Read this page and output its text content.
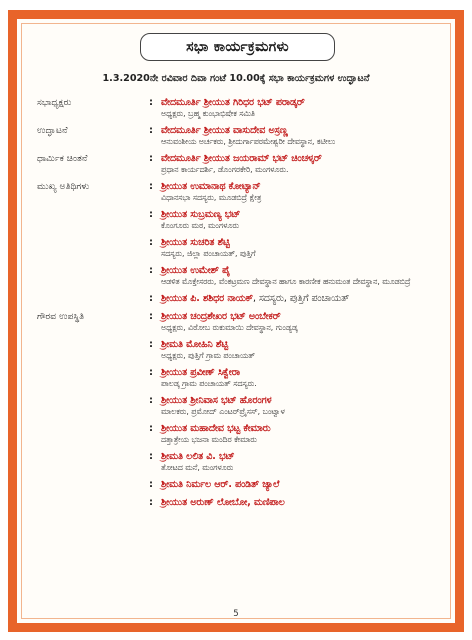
ಸಭಾ ಕಾರ್ಯಕ್ರಮಗಳು
1.3.2020ನೇ ರವಿವಾರ ದಿವಾ ಗಂಟೆ 10.00ಕ್ಕೆ ಸಭಾ ಕಾರ್ಯಕ್ರಮಗಳ ಉದ್ಘಾಟನೆ
ಸಭಾಧ್ಯಕ್ಷರು	: ವೇದಮೂರ್ತಿ ಶ್ರೀಯುತ ಗಿರಿಧರ ಭಟ್ ಪರಾಡ್ಕರ್
ಅಧ್ಯಕ್ಷರು, ಬ್ರಹ್ಮ ಕುಂಭಾಭಿಷೇಕ ಸಮಿತಿ
ಉದ್ಘಾಟನೆ	: ವೇದಮೂರ್ತಿ ಶ್ರೀಯುತ ವಾಸುದೇವ ಅಸ್ರಣ್ಣ
ಆನುವಂಶೀಯ ಅರ್ಚಕರು, ಶ್ರೀದುರ್ಗಾಪರಮೇಶ್ವರೀ ದೇವಸ್ಥಾನ, ಕಟೀಲು
ಧಾರ್ಮಿಕ ಚಿಂತನೆ	: ವೇದಮೂರ್ತಿ ಶ್ರೀಯುತ ಜಯರಾಮ್ ಭಟ್ ಚಿಂಚಳ್ಕರ್
ಪ್ರಧಾನ ಕಾರ್ಯದರ್ಶಿ, ಡೊಂಗರಕೇರಿ, ಮಂಗಳೂರು.
ಮುಖ್ಯ ಅತಿಥಿಗಳು	: ಶ್ರೀಯುತ ಉಮಾನಾಥ ಕೋಟ್ಯಾನ್
ವಿಧಾನಸಭಾ ಸದಸ್ಯರು, ಮೂಡಬಿದ್ರೆ ಕ್ಷೇತ್ರ
: ಶ್ರೀಯುತ ಸುಬ್ರಮಣ್ಯ ಭಟ್
ಕೊಂಗೂರು ಮಠ, ಮಂಗಳೂರು
: ಶ್ರೀಯುತ ಸುಚರಿತ ಶೆಟ್ಟಿ
ಸದಸ್ಯರು, ಜಿಲ್ಲಾ ಪಂಚಾಯತ್, ಪುತ್ತಿಗೆ
: ಶ್ರೀಯುತ ಉಮೇಶ್ ಪೈ
ಆಡಳಿತ ಮೊಕ್ತೇಸರರು, ವೆಂಕಟ್ರಮಣ ದೇವಸ್ಥಾನ ಹಾಗೂ ಕಾರಣೀಕ ಹನುಮಂತ ದೇವಸ್ಥಾನ, ಮೂಡಬಿದ್ರೆ
: ಶ್ರೀಯುತ ಪಿ. ಶಶಿಧರ ನಾಯಕ್, ಸದಸ್ಯರು, ಪುತ್ತಿಗೆ ಪಂಚಾಯತ್
ಗೌರವ ಉಪಸ್ಥಿತಿ	: ಶ್ರೀಯುತ ಚಂದ್ರಶೇಖರ ಭಟ್ ಅಂಬೇಕರ್
ಅಧ್ಯಕ್ಷರು, ವಿಠೋಬ ರುಕುಮಾಯಿ ದೇವಸ್ಥಾನ, ಗುಂಡ್ಯಡ್ಕ
: ಶ್ರೀಮತಿ ಮೋಹಿನಿ ಶೆಟ್ಟಿ
ಅಧ್ಯಕ್ಷರು, ಪುತ್ತಿಗೆ ಗ್ರಾಮ ಪಂಚಾಯತ್
: ಶ್ರೀಯುತ ಪ್ರವೀಣ್ ಸಿಕ್ವೇರಾ
ಪಾಲಡ್ಕ ಗ್ರಾಮ ಪಂಚಾಯತ್ ಸದಸ್ಯರು.
: ಶ್ರೀಯುತ ಶ್ರೀನಿವಾಸ ಭಟ್ ಹೊರಂಗಳ
ಮಾಲಕರು, ಪ್ರಮೋದ್ ಎಂಟರ್‌ಪ್ರೈಸಸ್, ಬಂಟ್ವಾಳ
: ಶ್ರೀಯುತ ಮಹಾದೇವ ಭಟ್ಟ ಕೇಮಾರು
ದತ್ತಾತ್ರೇಯ ಭಜನಾ ಮಂದಿರ ಕೇಮಾರು
: ಶ್ರೀಮತಿ ಲಲಿತ ವಿ. ಭಟ್
ತೋಟದ ಮನೆ, ಮಂಗಳೂರು
: ಶ್ರೀಮತಿ ನಿರ್ಮಲ ಆರ್. ಪಂಡಿತ್ ಜ್ಯಾಲೆ
: ಶ್ರೀಯುತ ಅರುಣ್ ಲೋಬೋ, ಮಣಿಪಾಲ
5
